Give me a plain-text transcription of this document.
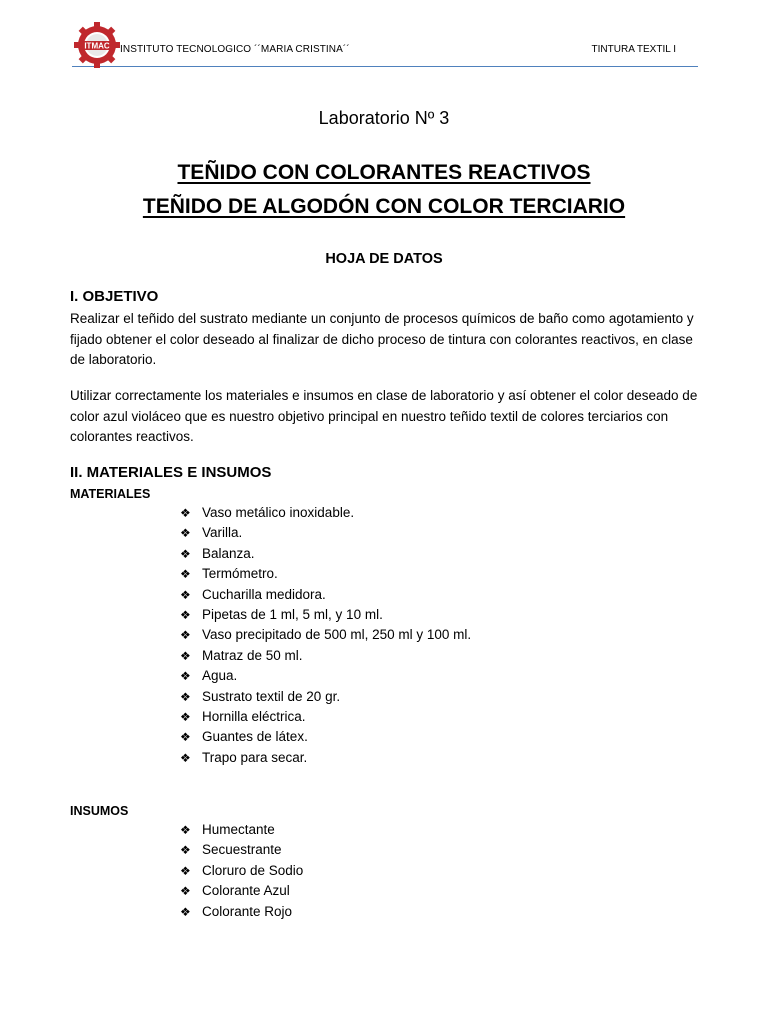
ITMAC INSTITUTO TECNOLOGICO ´´MARIA CRISTINA´´	TINTURA TEXTIL I
Laboratorio Nº 3
TEÑIDO CON COLORANTES REACTIVOS
TEÑIDO DE ALGODÓN CON COLOR TERCIARIO
HOJA DE DATOS
I. OBJETIVO
Realizar el teñido del sustrato mediante un conjunto de procesos químicos de baño como agotamiento y fijado obtener el color deseado al finalizar de dicho proceso de tintura con colorantes reactivos, en clase de laboratorio.
Utilizar correctamente los materiales e insumos en clase de laboratorio y así obtener el color deseado de color azul violáceo que es nuestro objetivo principal en nuestro teñido textil de colores terciarios con colorantes reactivos.
II. MATERIALES E INSUMOS
MATERIALES
❖ Vaso metálico inoxidable.
❖ Varilla.
❖ Balanza.
❖ Termómetro.
❖ Cucharilla medidora.
❖ Pipetas de 1 ml, 5 ml, y 10 ml.
❖ Vaso precipitado de 500 ml, 250 ml y 100 ml.
❖ Matraz de 50 ml.
❖ Agua.
❖ Sustrato textil de 20 gr.
❖ Hornilla eléctrica.
❖ Guantes de látex.
❖ Trapo para secar.
INSUMOS
❖ Humectante
❖ Secuestrante
❖ Cloruro de Sodio
❖ Colorante Azul
❖ Colorante Rojo
